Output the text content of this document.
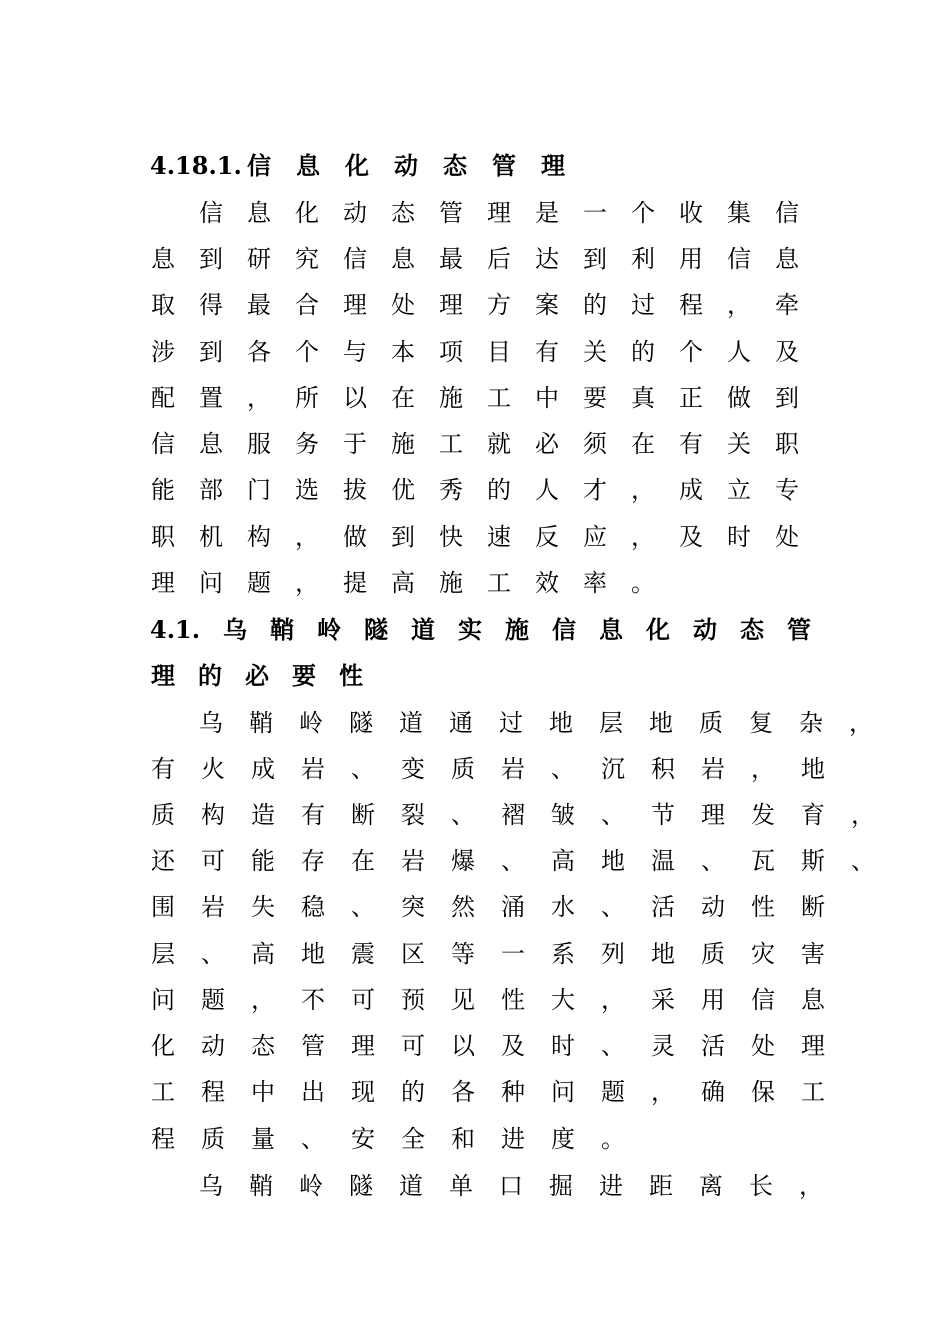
4.18.1. 信 息 化 动 态 管 理
信 息 化 动 态 管 理 是 一 个 收 集 信
息 到 研 究 信 息 最 后 达 到 利 用 信 息
取 得 最 合 理 处 理 方 案 的 过 程 ， 牵
涉 到 各 个 与 本 项 目 有 关 的 个 人 及
配 置 ， 所 以 在 施 工 中 要 真 正 做 到
信 息 服 务 于 施 工 就 必 须 在 有 关 职
能 部 门 选 拔 优 秀 的 人 才 ， 成 立 专
职 机 构 ， 做 到 快 速 反 应 ， 及 时 处
理 问 题 ， 提 高 施 工 效 率 。
4.1. 乌 鞘 岭 隧 道 实 施 信 息 化 动 态 管
理 的 必 要 性
乌 鞘 岭 隧 道 通 过 地 层 地 质 复 杂 ，
有 火 成 岩 、 变 质 岩 、 沉 积 岩 ， 地
质 构 造 有 断 裂 、 褶 皱 、 节 理 发 育 ，
还 可 能 存 在 岩 爆 、 高 地 温 、 瓦 斯 、
围 岩 失 稳 、 突 然 涌 水 、 活 动 性 断
层 、 高 地 震 区 等 一 系 列 地 质 灾 害
问 题 ， 不 可 预 见 性 大 ， 采 用 信 息
化 动 态 管 理 可 以 及 时 、 灵 活 处 理
工 程 中 出 现 的 各 种 问 题 ， 确 保 工
程 质 量 、 安 全 和 进 度 。
乌 鞘 岭 隧 道 单 口 掘 进 距 离 长 ，
